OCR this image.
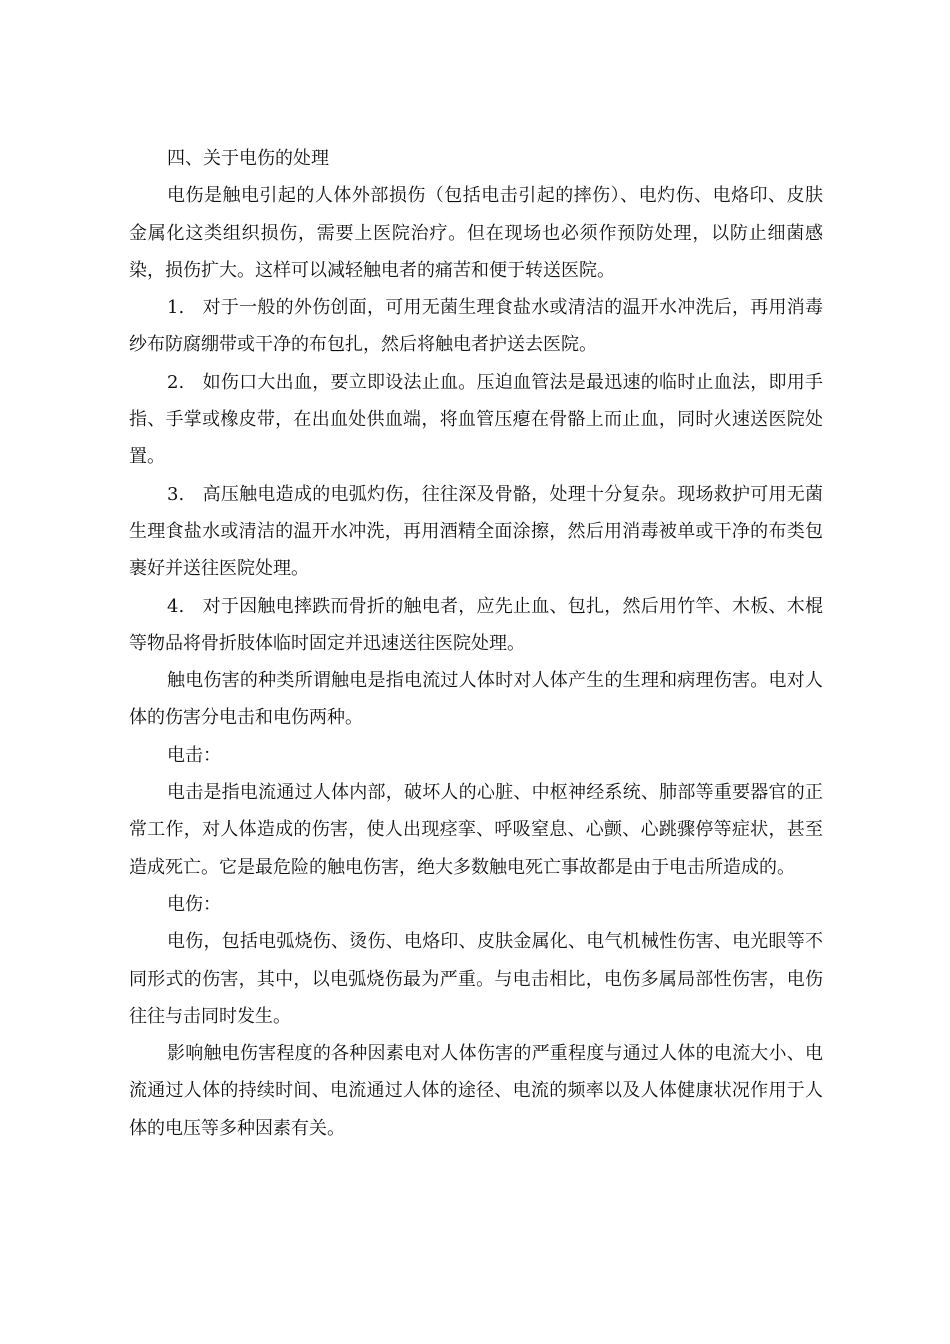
四、关于电伤的处理

电伤是触电引起的人体外部损伤（包括电击引起的摔伤）、电灼伤、电烙印、皮肤金属化这类组织损伤，需要上医院治疗。但在现场也必须作预防处理，以防止细菌感染，损伤扩大。这样可以减轻触电者的痛苦和便于转送医院。

1.　对于一般的外伤创面，可用无菌生理食盐水或清洁的温开水冲洗后，再用消毒纱布防腐绷带或干净的布包扎，然后将触电者护送去医院。

2.　如伤口大出血，要立即设法止血。压迫血管法是最迅速的临时止血法，即用手指、手掌或橡皮带，在出血处供血端，将血管压瘪在骨骼上而止血，同时火速送医院处置。

3.　高压触电造成的电弧灼伤，往往深及骨骼，处理十分复杂。现场救护可用无菌生理食盐水或清洁的温开水冲洗，再用酒精全面涂擦，然后用消毒被单或干净的布类包裹好并送往医院处理。

4.　对于因触电摔跌而骨折的触电者，应先止血、包扎，然后用竹竿、木板、木棍等物品将骨折肢体临时固定并迅速送往医院处理。

触电伤害的种类所谓触电是指电流过人体时对人体产生的生理和病理伤害。电对人体的伤害分电击和电伤两种。

电击：

电击是指电流通过人体内部，破坏人的心脏、中枢神经系统、肺部等重要器官的正常工作，对人体造成的伤害，使人出现痉挛、呼吸窒息、心颤、心跳骤停等症状，甚至造成死亡。它是最危险的触电伤害，绝大多数触电死亡事故都是由于电击所造成的。

电伤：

电伤，包括电弧烧伤、烫伤、电烙印、皮肤金属化、电气机械性伤害、电光眼等不同形式的伤害，其中，以电弧烧伤最为严重。与电击相比，电伤多属局部性伤害，电伤往往与击同时发生。

影响触电伤害程度的各种因素电对人体伤害的严重程度与通过人体的电流大小、电流通过人体的持续时间、电流通过人体的途径、电流的频率以及人体健康状况作用于人体的电压等多种因素有关。
